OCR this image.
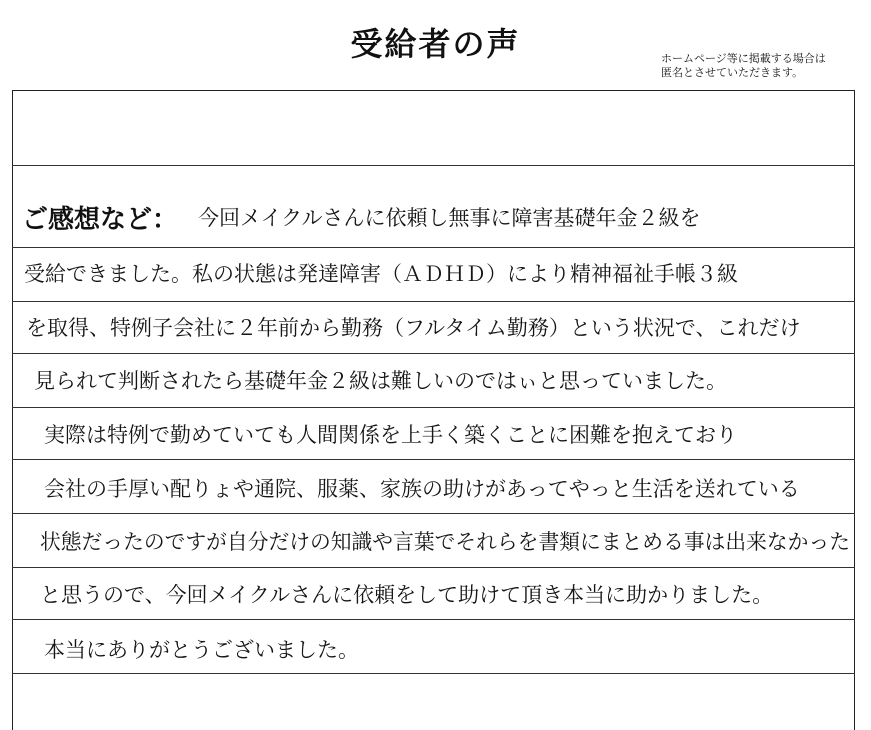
受給者の声	ホームページ等に掲載する場合は
匿名とさせていただきます。
ご感想など： 今回メイクルさんに依頼し無事に障害基礎年金２級を
受給できました。私の状態は発達障害（ＡＤＨＤ）により精神福祉手帳３級
を取得、特例子会社に２年前から勤務（フルタイム勤務）という状況で、これだけ
見られて判断されたら基礎年金２級は難しいのではぃと思っていました。
実際は特例で勤めていても人間関係を上手く築くことに困難を抱えており
会社の手厚い配りょや通院、服薬、家族の助けがあってやっと生活を送れている
状態だったのですが自分だけの知識や言葉でそれらを書類にまとめる事は出来なかった
と思うので、今回メイクルさんに依頼をして助けて頂き本当に助かりました。
本当にありがとうございました。
